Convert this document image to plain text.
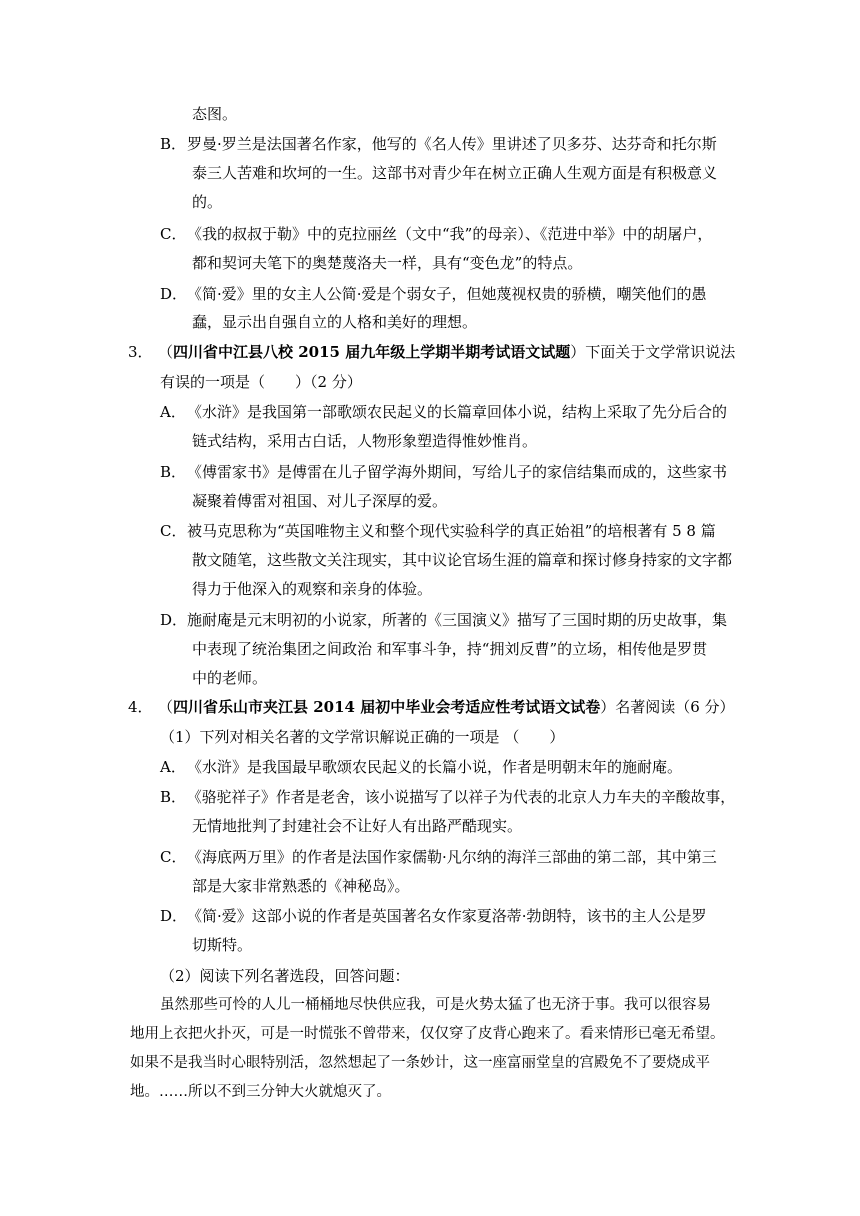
态图。
B． 罗曼·罗兰是法国著名作家，他写的《名人传》里讲述了贝多芬、达芬奇和托尔斯
泰三人苦难和坎坷的一生。这部书对青少年在树立正确人生观方面是有积极意义
的。
C． 《我的叔叔于勒》中的克拉丽丝（文中“我”的母亲）、《范进中举》中的胡屠户，
都和契诃夫笔下的奥楚蔑洛夫一样，具有“变色龙”的特点。
D． 《简·爱》里的女主人公简·爱是个弱女子，但她蔑视权贵的骄横，嘲笑他们的愚
蠢，显示出自强自立的人格和美好的理想。
3． （四川省中江县八校 2015 届九年级上学期半期考试语文试题）下面关于文学常识说法
有误的一项是（　　）（2 分）
A． 《水浒》是我国第一部歌颂农民起义的长篇章回体小说，结构上采取了先分后合的
链式结构，采用古白话，人物形象塑造得惟妙惟肖。
B． 《傅雷家书》是傅雷在儿子留学海外期间，写给儿子的家信结集而成的，这些家书
凝聚着傅雷对祖国、对儿子深厚的爱。
C． 被马克思称为“英国唯物主义和整个现代实验科学的真正始祖”的培根著有 5 8 篇
散文随笔，这些散文关注现实，其中议论官场生涯的篇章和探讨修身持家的文字都
得力于他深入的观察和亲身的体验。
D． 施耐庵是元末明初的小说家，所著的《三国演义》描写了三国时期的历史故事，集
中表现了统治集团之间政治 和军事斗争，持“拥刘反曹”的立场，相传他是罗贯
中的老师。
4． （四川省乐山市夹江县 2014 届初中毕业会考适应性考试语文试卷）名著阅读（6 分）
（1）下列对相关名著的文学常识解说正确的一项是 （　　）
A． 《水浒》是我国最早歌颂农民起义的长篇小说，作者是明朝末年的施耐庵。
B． 《骆驼祥子》作者是老舍，该小说描写了以祥子为代表的北京人力车夫的辛酸故事，
无情地批判了封建社会不让好人有出路严酷现实。
C． 《海底两万里》的作者是法国作家儒勒·凡尔纳的海洋三部曲的第二部，其中第三
部是大家非常熟悉的《神秘岛》。
D． 《简·爱》这部小说的作者是英国著名女作家夏洛蒂·勃朗特，该书的主人公是罗
切斯特。
（2）阅读下列名著选段，回答问题：
虽然那些可怜的人儿一桶桶地尽快供应我，可是火势太猛了也无济于事。我可以很容易
地用上衣把火扑灭，可是一时慌张不曾带来，仅仅穿了皮背心跑来了。看来情形已毫无希望。
如果不是我当时心眼特别活，忽然想起了一条妙计，这一座富丽堂皇的宫殿免不了要烧成平
地。……所以不到三分钟大火就熄灭了。
